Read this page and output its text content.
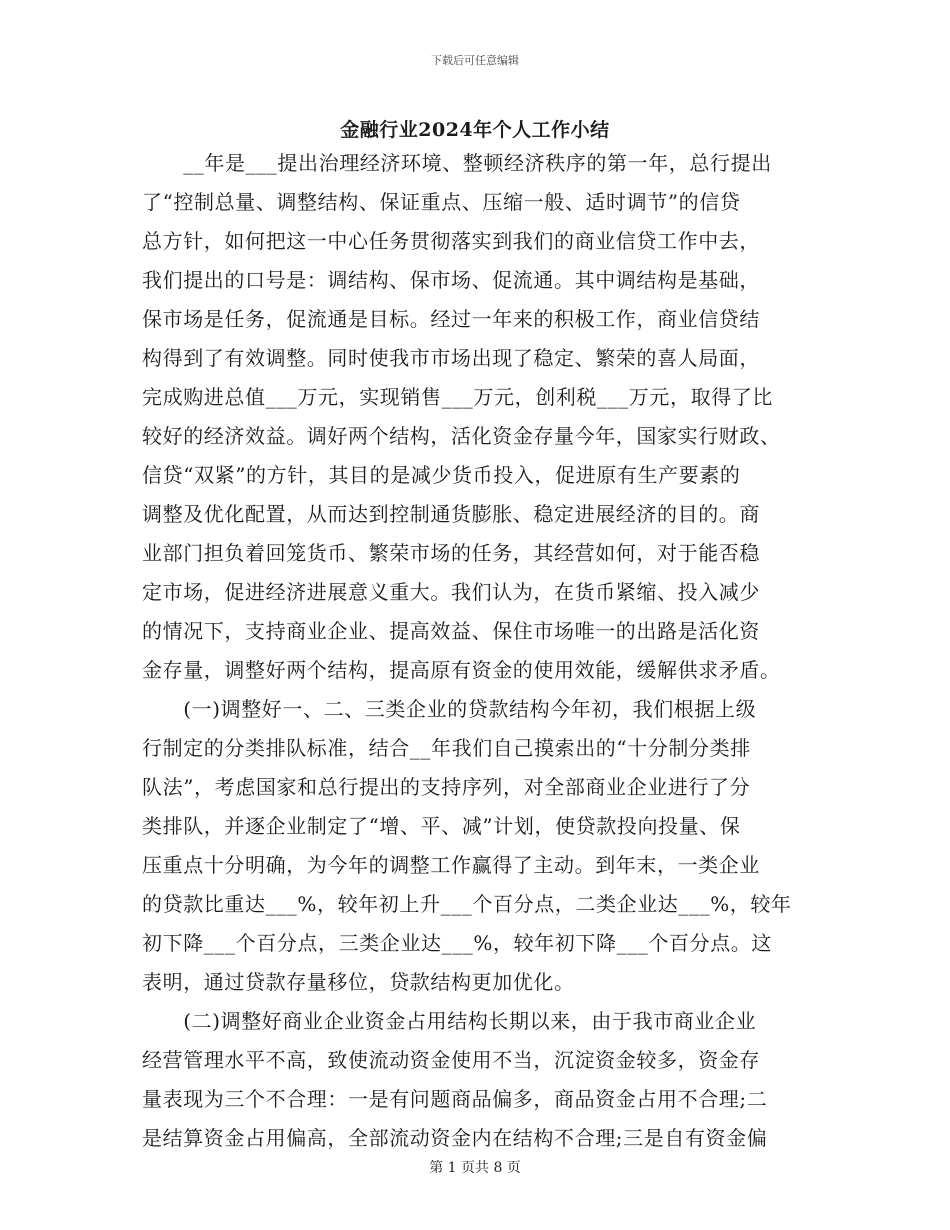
下载后可任意编辑
金融行业2024年个人工作小结
　　__年是___提出治理经济环境、整顿经济秩序的第一年，总行提出
了“控制总量、调整结构、保证重点、压缩一般、适时调节”的信贷
总方针，如何把这一中心任务贯彻落实到我们的商业信贷工作中去，
我们提出的口号是：调结构、保市场、促流通。其中调结构是基础，
保市场是任务，促流通是目标。经过一年来的积极工作，商业信贷结
构得到了有效调整。同时使我市市场出现了稳定、繁荣的喜人局面，
完成购进总值___万元，实现销售___万元，创利税___万元，取得了比
较好的经济效益。调好两个结构，活化资金存量今年，国家实行财政、
信贷“双紧”的方针，其目的是减少货币投入，促进原有生产要素的
调整及优化配置，从而达到控制通货膨胀、稳定进展经济的目的。商
业部门担负着回笼货币、繁荣市场的任务，其经营如何，对于能否稳
定市场，促进经济进展意义重大。我们认为，在货币紧缩、投入减少
的情况下，支持商业企业、提高效益、保住市场唯一的出路是活化资
金存量，调整好两个结构，提高原有资金的使用效能，缓解供求矛盾。
　　(一)调整好一、二、三类企业的贷款结构今年初，我们根据上级
行制定的分类排队标准，结合__年我们自己摸索出的“十分制分类排
队法”，考虑国家和总行提出的支持序列，对全部商业企业进行了分
类排队，并逐企业制定了“增、平、减”计划，使贷款投向投量、保
压重点十分明确，为今年的调整工作赢得了主动。到年末，一类企业
的贷款比重达___%，较年初上升___个百分点，二类企业达___%，较年
初下降___个百分点，三类企业达___%，较年初下降___个百分点。这
表明，通过贷款存量移位，贷款结构更加优化。
　　(二)调整好商业企业资金占用结构长期以来，由于我市商业企业
经营管理水平不高，致使流动资金使用不当，沉淀资金较多，资金存
量表现为三个不合理：一是有问题商品偏多，商品资金占用不合理;二
是结算资金占用偏高，全部流动资金内在结构不合理;三是自有资金偏
第 1 页共 8 页
